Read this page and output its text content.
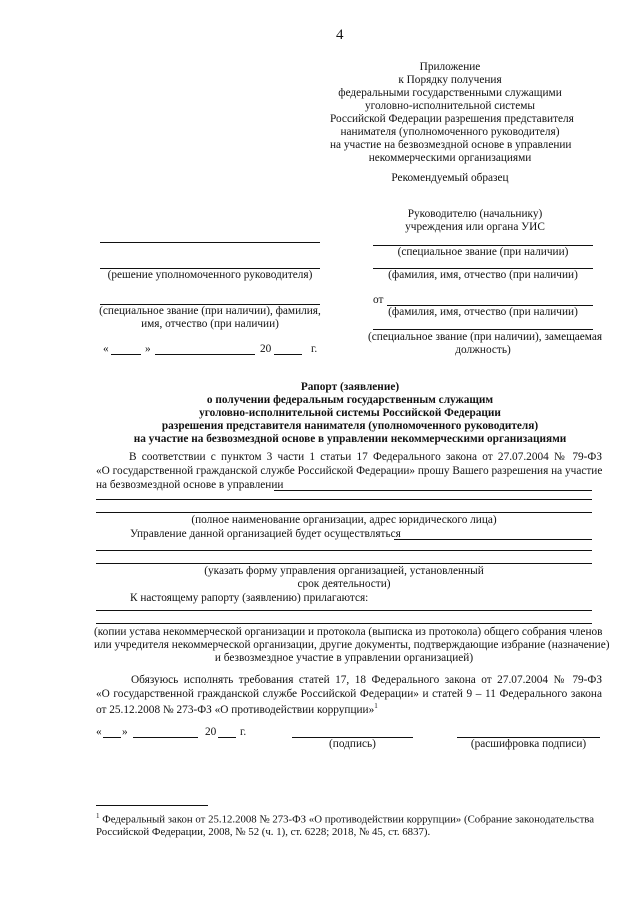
4
Приложение
к Порядку получения
федеральными государственными служащими
уголовно-исполнительной системы
Российской Федерации разрешения представителя
нанимателя (уполномоченного руководителя)
на участие на безвозмездной основе в управлении
некоммерческими организациями
Рекомендуемый образец
Руководителю (начальнику)
учреждения или органа УИС
(решение уполномоченного руководителя)
(специальное звание (при наличии), фамилия,
имя, отчество (при наличии)
«	»	20	г.
(специальное звание (при наличии)
(фамилия, имя, отчество (при наличии)
от
(фамилия, имя, отчество (при наличии)
(специальное звание (при наличии), замещаемая
должность)
Рапорт (заявление)
о получении федеральным государственным служащим
уголовно-исполнительной системы Российской Федерации
разрешения представителя нанимателя (уполномоченного руководителя)
на участие на безвозмездной основе в управлении некоммерческими организациями
В соответствии с пунктом 3 части 1 статьи 17 Федерального закона от 27.07.2004 № 79-ФЗ
«О государственной гражданской службе Российской Федерации» прошу Вашего разрешения на участие
на безвозмездной основе в управлении
(полное наименование организации, адрес юридического лица)
Управление данной организацией будет осуществляться
(указать форму управления организацией, установленный
срок деятельности)
К настоящему рапорту (заявлению) прилагаются:
(копии устава некоммерческой организации и протокола (выписка из протокола) общего собрания членов
или учредителя некоммерческой организации, другие документы, подтверждающие избрание (назначение)
и безвозмездное участие в управлении организацией)
Обязуюсь исполнять требования статей 17, 18 Федерального закона от 27.07.2004 № 79-ФЗ
«О государственной гражданской службе Российской Федерации» и статей 9 – 11 Федерального закона
от 25.12.2008 № 273-ФЗ «О противодействии коррупции»$^1$
« »	20 г.
(подпись)	(расшифровка подписи)
$^1$ Федеральный закон от 25.12.2008 № 273-ФЗ «О противодействии коррупции» (Собрание законодательства
Российской Федерации, 2008, № 52 (ч. 1), ст. 6228; 2018, № 45, ст. 6837).
